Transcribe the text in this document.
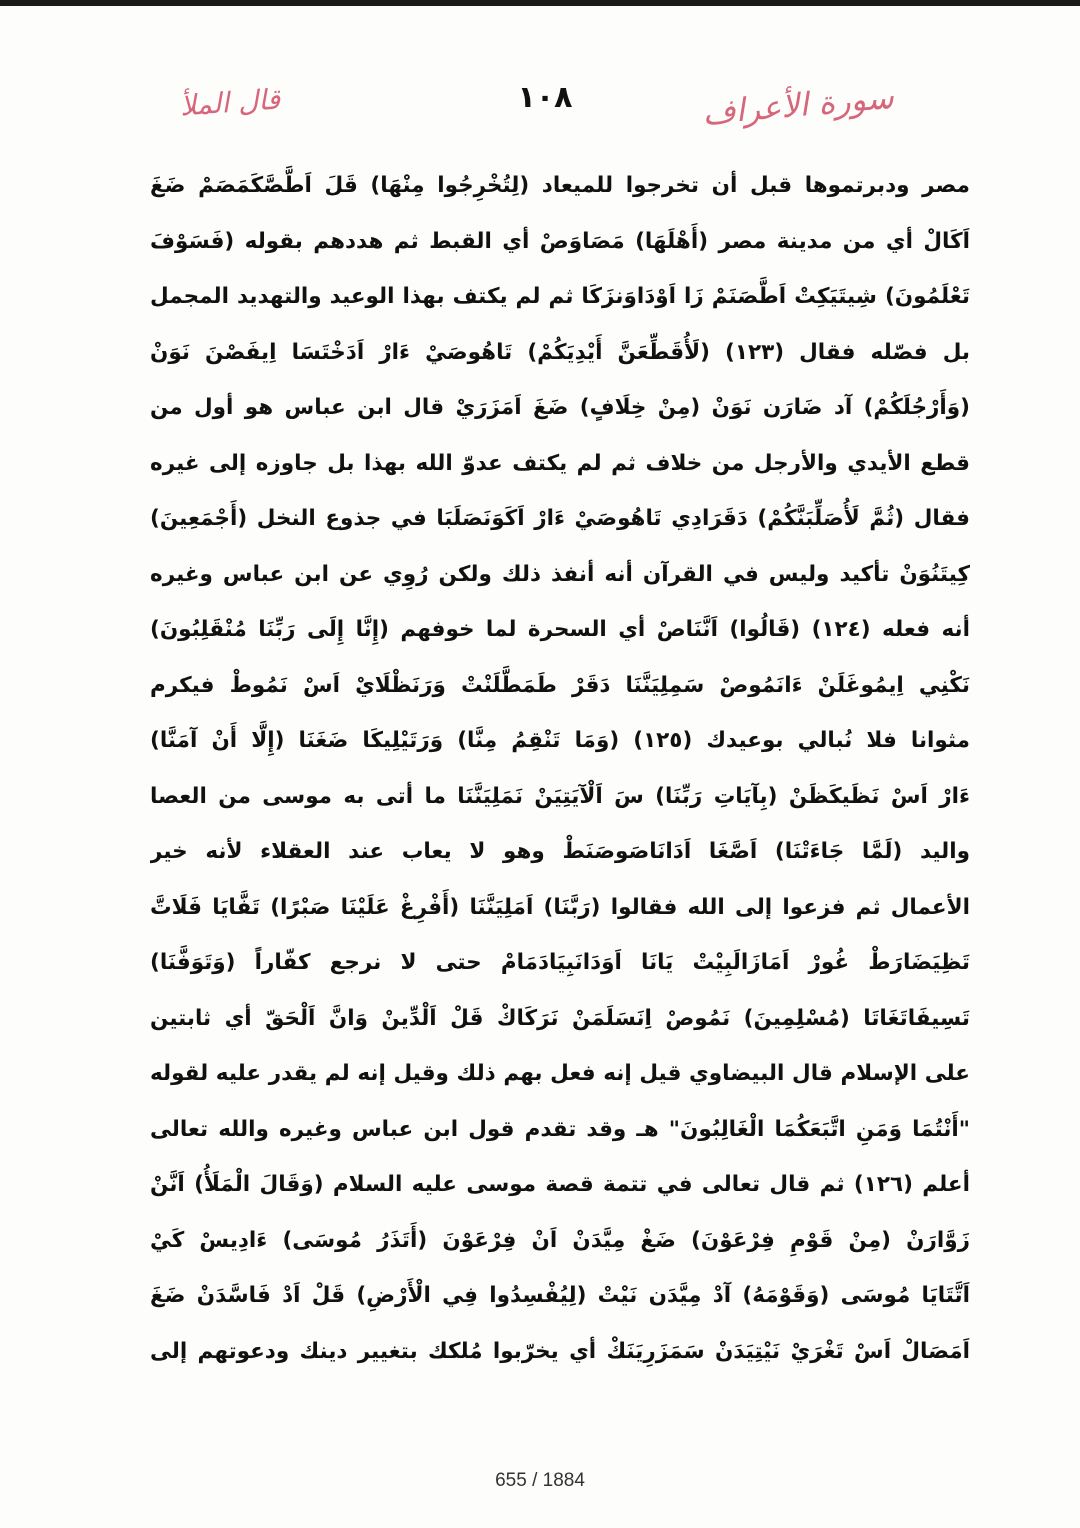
قال الملأ	١٠٨	سورة الأعراف
مصر ودبرتموها قبل أن تخرجوا للميعاد (لِتُخْرِجُوا مِنْهَا) قَلَ اَطَّصَّكَمَصَمْ ضَغَ
اَكَالْ أي من مدينة مصر (أَهْلَهَا) مَصَاوَصْ أي القبط ثم هددهم بقوله (فَسَوْفَ
تَعْلَمُونَ) شِيتَيَكِتْ اَطَّصَنَمْ زَا اَوْدَاوَنزَكَا ثم لم يكتف بهذا الوعيد والتهديد المجمل
بل فصّله فقال (١٢٣) (لَأُقَطِّعَنَّ أَيْدِيَكُمْ) تَاهُوصَيْ ءَارْ اَدَخْتَسَا اِيفَصْنَ نَوَنْ
(وَأَرْجُلَكُمْ) آد ضَارَن نَوَنْ (مِنْ خِلَافٍ) ضَغَ اَمَزَرَيْ قال ابن عباس هو أول من
قطع الأيدي والأرجل من خلاف ثم لم يكتف عدوّ الله بهذا بل جاوزه إلى غيره
فقال (ثُمَّ لَأُصَلِّبَنَّكُمْ) دَقَرَادِي تَاهُوصَيْ ءَارْ اَكَوَنَصَلَبَا في جذوع النخل (أَجْمَعِينَ)
كِيتَنُوَنْ تأكيد وليس في القرآن أنه أنفذ ذلك ولكن رُوِي عن ابن عباس وغيره
أنه فعله (١٢٤) (قَالُوا) اَنَّنَاصْ أي السحرة لما خوفهم (إِنَّا إِلَى رَبِّنَا مُنْقَلِبُونَ)
نَكْنِي اِيمُوغَلَنْ ءَانَمُوصْ سَمِلِيَنَّنَا دَقَرْ طَمَطَّلَنْتْ وَرَنَظْلَايْ اَسْ نَمُوطْ فيكرم
مثوانا فلا نُبالي بوعيدك (١٢٥) (وَمَا تَنْقِمُ مِنَّا) وَرَتَيْلِيكَا ضَغَنَا (إِلَّا أَنْ آمَنَّا)
ءَارْ اَسْ نَظَيكَظَنْ (بِآيَاتِ رَبِّنَا) سَ اَلْآيَتِيَنْ نَمَلِيَنَّنَا ما أتى به موسى من العصا
واليد (لَمَّا جَاءَتْنَا) اَصَّغَا اَدَانَاصَوصَنَطْ وهو لا يعاب عند العقلاء لأنه خير
الأعمال ثم فزعوا إلى الله فقالوا (رَبَّنَا) اَمَلِيَنَّنَا (أَفْرِغْ عَلَيْنَا صَبْرًا) تَفَّايَا فَلَاتَّ
تَظِيَضَارَطْ غُورْ اَمَازَالَبِيْتْ يَانَا اَوَدَانَبِيَادَمَامْ حتى لا نرجع كفّاراً (وَتَوَفَّنَا)
تَسِيفَاتَغَاتَا (مُسْلِمِينَ) نَمُوصْ اِنَسَلَمَنْ نَرَكَاكْ قَلْ اَلْدِّينْ وَانَّ اَلْحَقّ أي ثابتين
على الإسلام قال البيضاوي قيل إنه فعل بهم ذلك وقيل إنه لم يقدر عليه لقوله
"أَنْتُمَا وَمَنِ اتَّبَعَكُمَا الْغَالِبُونَ" هـ وقد تقدم قول ابن عباس وغيره والله تعالى
أعلم (١٢٦) ثم قال تعالى في تتمة قصة موسى عليه السلام (وَقَالَ الْمَلَأُ) اَنَّنْ
زَوَّارَنْ (مِنْ قَوْمِ فِرْعَوْنَ) ضَغْ مِيَّدَنْ اَنْ فِرْعَوْنَ (أَتَذَرُ مُوسَى) ءَادِيسْ كَيْ
اَتَّتَايَا مُوسَى (وَقَوْمَهُ) آدْ مِيَّدَن نَيْتْ (لِيُفْسِدُوا فِي الْأَرْضِ) قَلْ اَدْ فَاسَّدَنْ ضَغَ
اَمَصَالْ اَسْ تَغْرَيْ نَيْتِيَدَنْ سَمَزَرِيَنَكْ أي يخرّبوا مُلكك بتغيير دينك ودعوتهم إلى
655 / 1884
